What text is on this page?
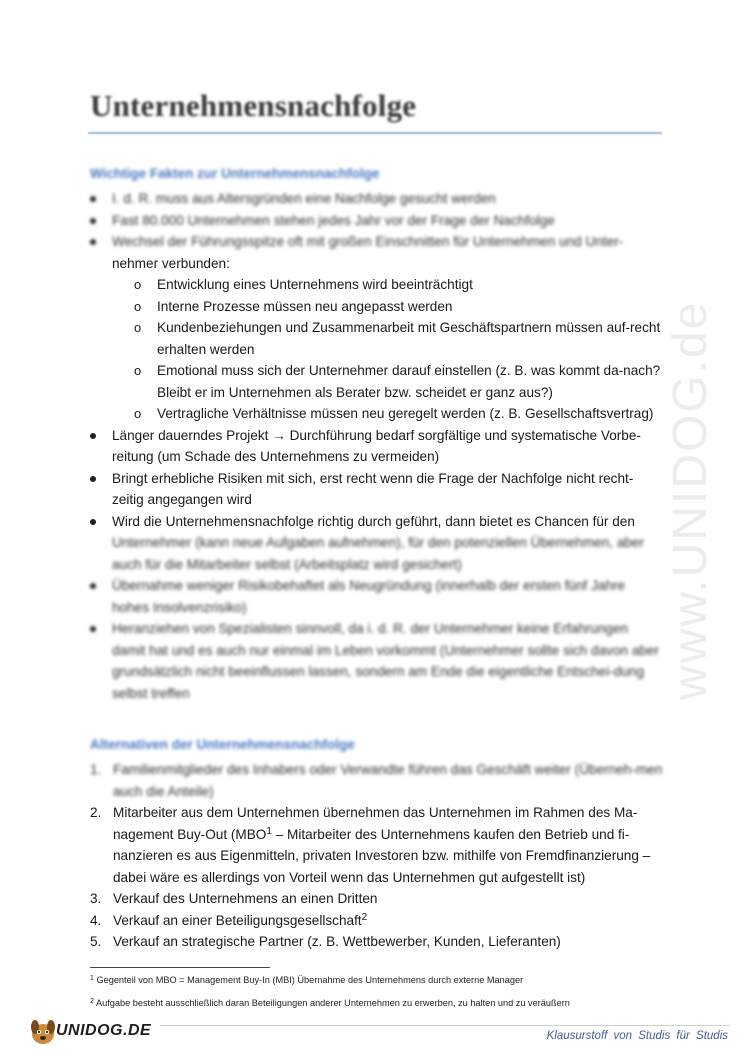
www.UNIDOG.de
Unternehmensnachfolge
Wichtige Fakten zur Unternehmensnachfolge
I. d. R. muss aus Altersgründen eine Nachfolge gesucht werden
Fast 80.000 Unternehmen stehen jedes Jahr vor der Frage der Nachfolge
Wechsel der Führungsspitze oft mit großen Einschnitten für Unternehmen und Unter-
nehmer verbunden:
o Entwicklung eines Unternehmens wird beeinträchtigt
o Interne Prozesse müssen neu angepasst werden
o Kundenbeziehungen und Zusammenarbeit mit Geschäftspartnern müssen auf-recht erhalten werden
o Emotional muss sich der Unternehmer darauf einstellen (z. B. was kommt da-nach? Bleibt er im Unternehmen als Berater bzw. scheidet er ganz aus?)
o Vertragliche Verhältnisse müssen neu geregelt werden (z. B. Gesellschaftsvertrag)
Länger dauerndes Projekt → Durchführung bedarf sorgfältige und systematische Vorbe-reitung (um Schade des Unternehmens zu vermeiden)
Bringt erhebliche Risiken mit sich, erst recht wenn die Frage der Nachfolge nicht recht-zeitig angegangen wird
Wird die Unternehmensnachfolge richtig durch geführt, dann bietet es Chancen für den
Unternehmer (kann neue Aufgaben aufnehmen), für den potenziellen Übernehmen, aber auch für die Mitarbeiter selbst (Arbeitsplatz wird gesichert)
Übernahme weniger Risikobehaftet als Neugründung (innerhalb der ersten fünf Jahre hohes Insolvenzrisiko)
Heranziehen von Spezialisten sinnvoll, da i. d. R. der Unternehmer keine Erfahrungen damit hat und es auch nur einmal im Leben vorkommt (Unternehmer sollte sich davon aber grundsätzlich nicht beeinflussen lassen, sondern am Ende die eigentliche Entschei-dung selbst treffen
Alternativen der Unternehmensnachfolge
1. Familienmitglieder des Inhabers oder Verwandte führen das Geschäft weiter (Überneh-men auch die Anteile)
2. Mitarbeiter aus dem Unternehmen übernehmen das Unternehmen im Rahmen des Ma-nagement Buy-Out (MBO$^1$ – Mitarbeiter des Unternehmens kaufen den Betrieb und fi-nanzieren es aus Eigenmitteln, privaten Investoren bzw. mithilfe von Fremdfinanzierung – dabei wäre es allerdings von Vorteil wenn das Unternehmen gut aufgestellt ist)
3. Verkauf des Unternehmens an einen Dritten
4. Verkauf an einer Beteiligungsgesellschaft$^2$
5. Verkauf an strategische Partner (z. B. Wettbewerber, Kunden, Lieferanten)
$^1$ Gegenteil von MBO = Management Buy-In (MBI) Übernahme des Unternehmens durch externe Manager
$^2$ Aufgabe besteht ausschließlich daran Beteiligungen anderer Unternehmen zu erwerben, zu halten und zu veräußern
UNIDOG.DE	Klausurstoff von Studis für Studis
